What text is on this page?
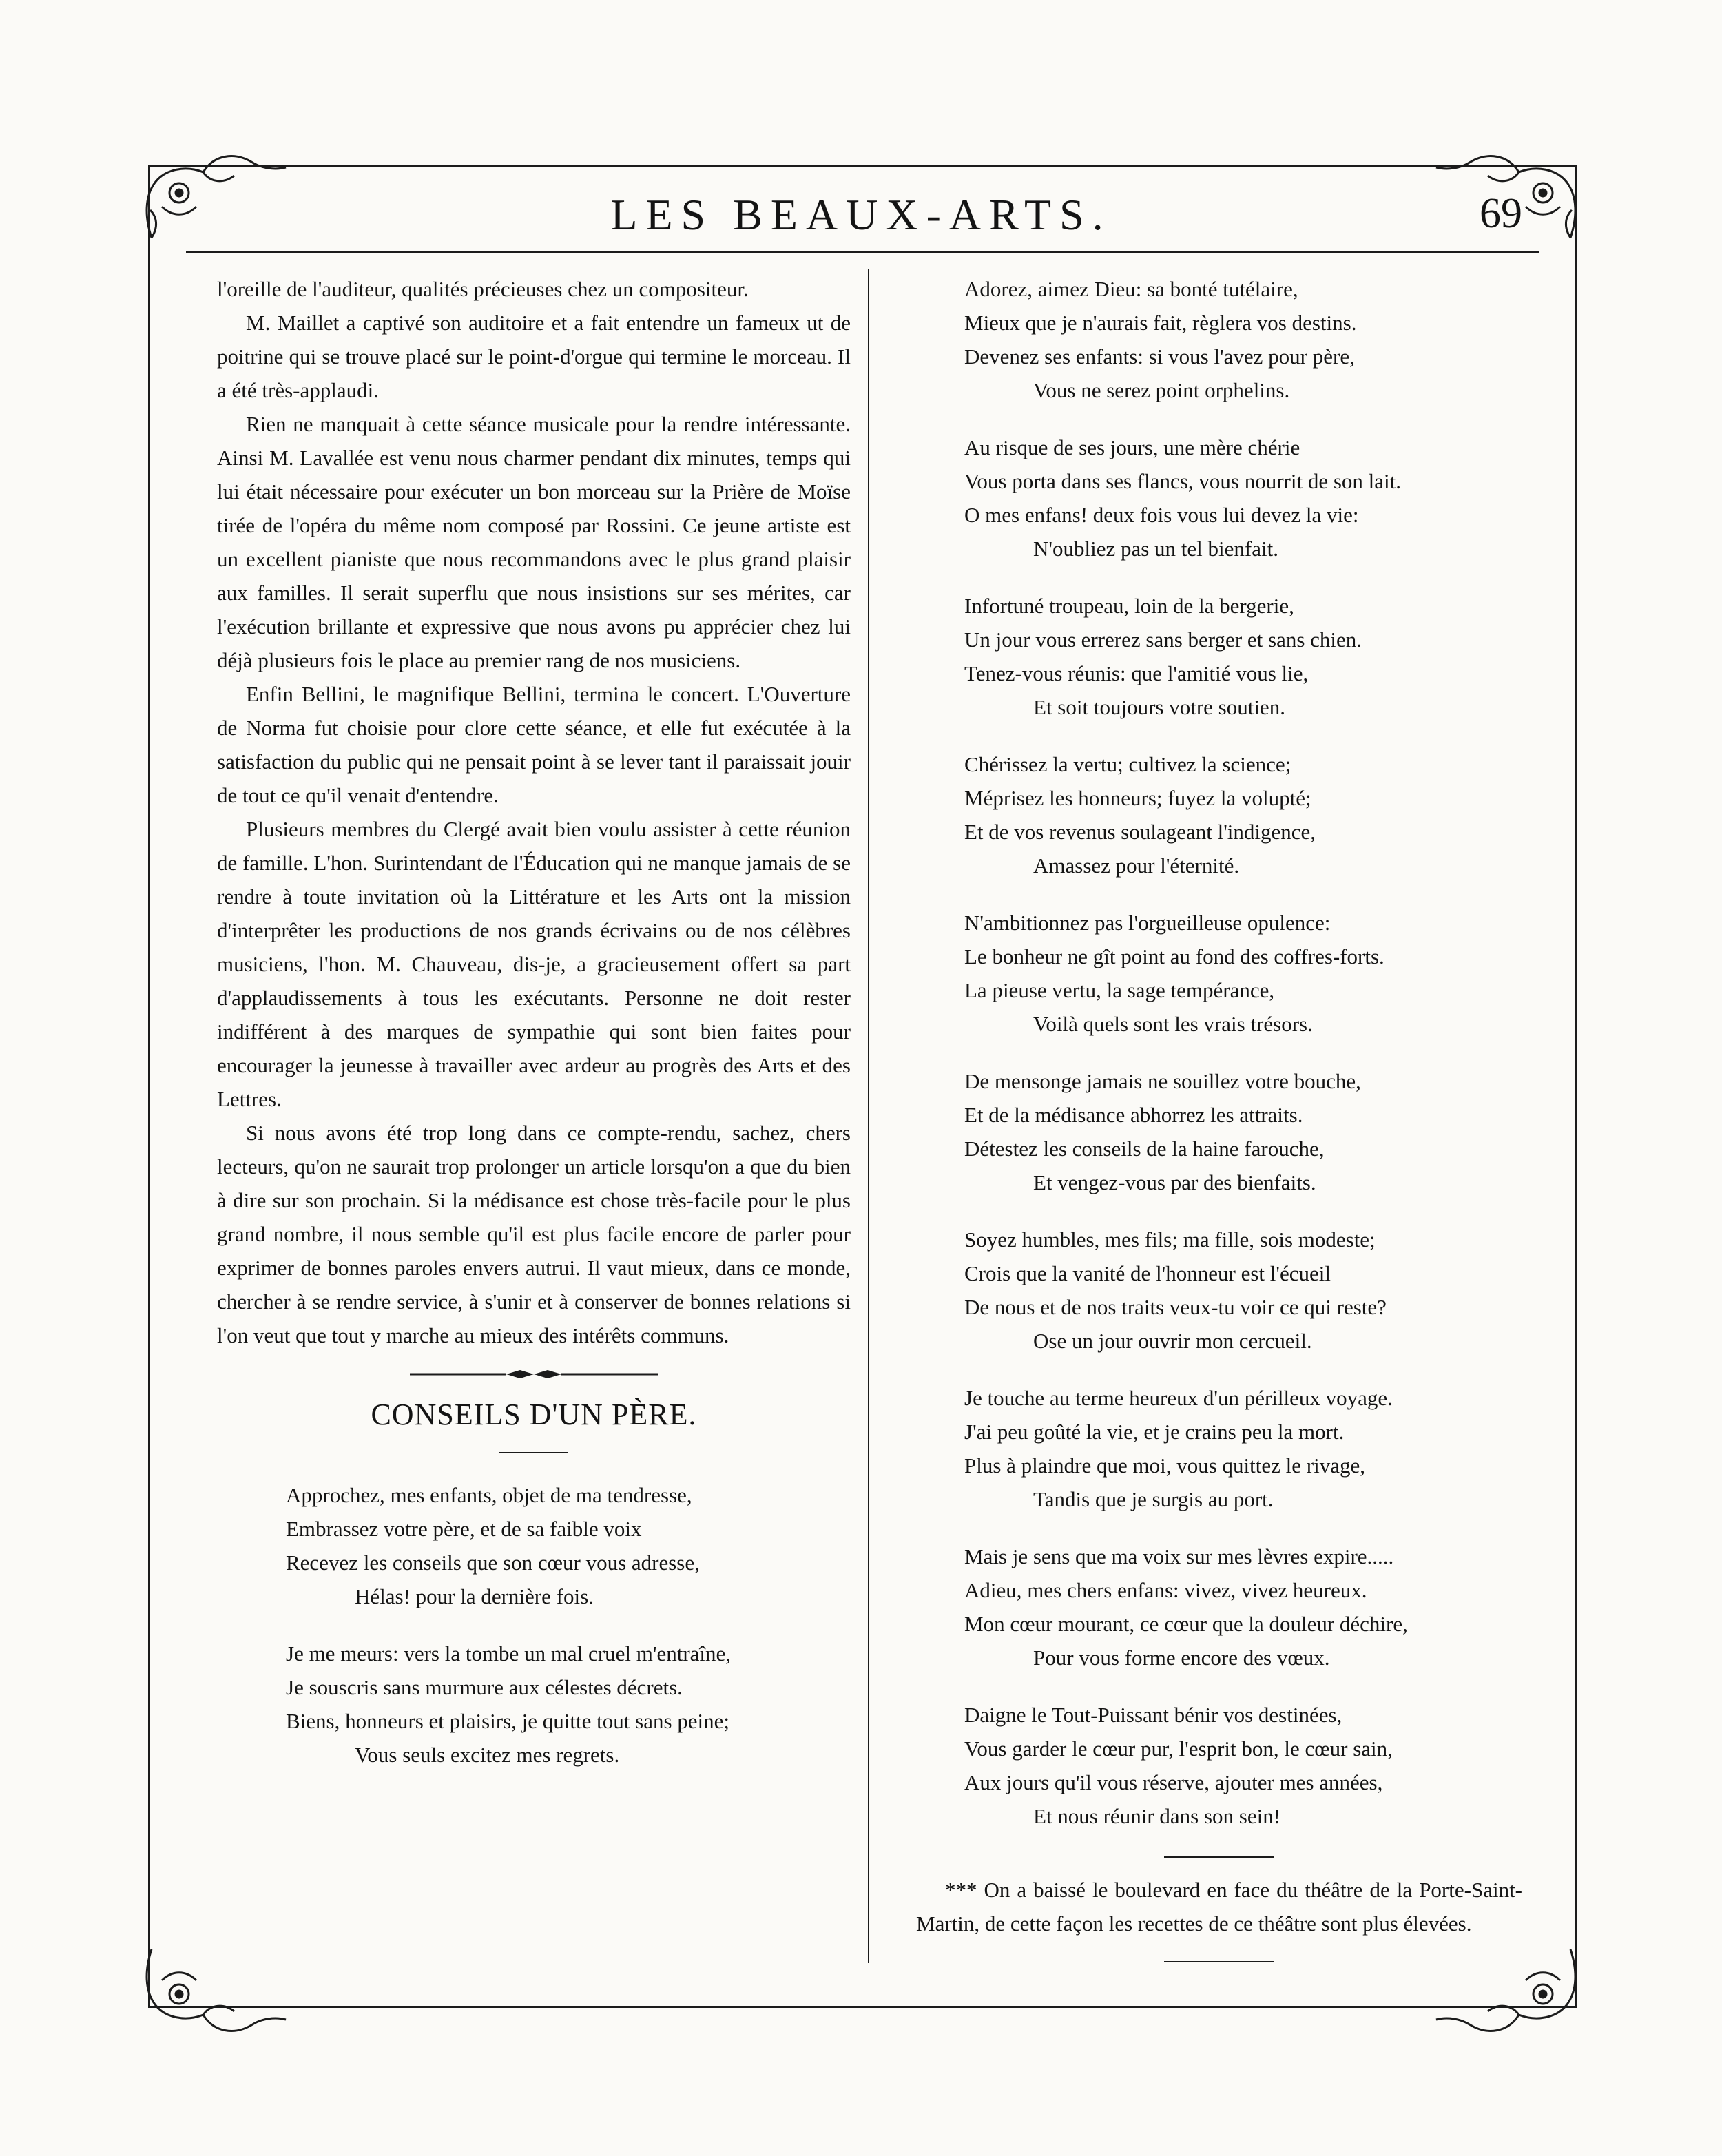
LES BEAUX-ARTS.	69

l'oreille de l'auditeur, qualités précieuses chez un compositeur.

M. Maillet a captivé son auditoire et a fait entendre un fameux ut de poitrine qui se trouve placé sur le point-d'orgue qui termine le morceau. Il a été très-applaudi.

Rien ne manquait à cette séance musicale pour la rendre intéressante. Ainsi M. Lavallée est venu nous charmer pendant dix minutes, temps qui lui était nécessaire pour exécuter un bon morceau sur la Prière de Moïse tirée de l'opéra du même nom composé par Rossini. Ce jeune artiste est un excellent pianiste que nous recommandons avec le plus grand plaisir aux familles. Il serait superflu que nous insistions sur ses mérites, car l'exécution brillante et expressive que nous avons pu apprécier chez lui déjà plusieurs fois le place au premier rang de nos musiciens.

Enfin Bellini, le magnifique Bellini, termina le concert. L'Ouverture de Norma fut choisie pour clore cette séance, et elle fut exécutée à la satisfaction du public qui ne pensait point à se lever tant il paraissait jouir de tout ce qu'il venait d'entendre.

Plusieurs membres du Clergé avait bien voulu assister à cette réunion de famille. L'hon. Surintendant de l'Éducation qui ne manque jamais de se rendre à toute invitation où la Littérature et les Arts ont la mission d'interprêter les productions de nos grands écrivains ou de nos célèbres musiciens, l'hon. M. Chauveau, dis-je, a gracieusement offert sa part d'applaudissements à tous les exécutants. Personne ne doit rester indifférent à des marques de sympathie qui sont bien faites pour encourager la jeunesse à travailler avec ardeur au progrès des Arts et des Lettres.

Si nous avons été trop long dans ce compte-rendu, sachez, chers lecteurs, qu'on ne saurait trop prolonger un article lorsqu'on a que du bien à dire sur son prochain. Si la médisance est chose très-facile pour le plus grand nombre, il nous semble qu'il est plus facile encore de parler pour exprimer de bonnes paroles envers autrui. Il vaut mieux, dans ce monde, chercher à se rendre service, à s'unir et à conserver de bonnes relations si l'on veut que tout y marche au mieux des intérêts communs.

CONSEILS D'UN PÈRE.
Approchez, mes enfants, objet de ma tendresse,
Embrassez votre père, et de sa faible voix
Recevez les conseils que son cœur vous adresse,
Hélas! pour la dernière fois.
Je me meurs: vers la tombe un mal cruel m'entraîne,
Je souscris sans murmure aux célestes décrets.
Biens, honneurs et plaisirs, je quitte tout sans peine;
Vous seuls excitez mes regrets.
Adorez, aimez Dieu: sa bonté tutélaire,
Mieux que je n'aurais fait, règlera vos destins.
Devenez ses enfants: si vous l'avez pour père,
Vous ne serez point orphelins.
Au risque de ses jours, une mère chérie
Vous porta dans ses flancs, vous nourrit de son lait.
O mes enfans! deux fois vous lui devez la vie:
N'oubliez pas un tel bienfait.
Infortuné troupeau, loin de la bergerie,
Un jour vous errerez sans berger et sans chien.
Tenez-vous réunis: que l'amitié vous lie,
Et soit toujours votre soutien.
Chérissez la vertu; cultivez la science;
Méprisez les honneurs; fuyez la volupté;
Et de vos revenus soulageant l'indigence,
Amassez pour l'éternité.
N'ambitionnez pas l'orgueilleuse opulence:
Le bonheur ne gît point au fond des coffres-forts.
La pieuse vertu, la sage tempérance,
Voilà quels sont les vrais trésors.
De mensonge jamais ne souillez votre bouche,
Et de la médisance abhorrez les attraits.
Détestez les conseils de la haine farouche,
Et vengez-vous par des bienfaits.
Soyez humbles, mes fils; ma fille, sois modeste;
Crois que la vanité de l'honneur est l'écueil
De nous et de nos traits veux-tu voir ce qui reste?
Ose un jour ouvrir mon cercueil.
Je touche au terme heureux d'un périlleux voyage.
J'ai peu goûté la vie, et je crains peu la mort.
Plus à plaindre que moi, vous quittez le rivage,
Tandis que je surgis au port.
Mais je sens que ma voix sur mes lèvres expire.....
Adieu, mes chers enfans: vivez, vivez heureux.
Mon cœur mourant, ce cœur que la douleur déchire,
Pour vous forme encore des vœux.
Daigne le Tout-Puissant bénir vos destinées,
Vous garder le cœur pur, l'esprit bon, le cœur sain,
Aux jours qu'il vous réserve, ajouter mes années,
Et nous réunir dans son sein!

*** On a baissé le boulevard en face du théâtre de la Porte-Saint-Martin, de cette façon les recettes de ce théâtre sont plus élevées.
